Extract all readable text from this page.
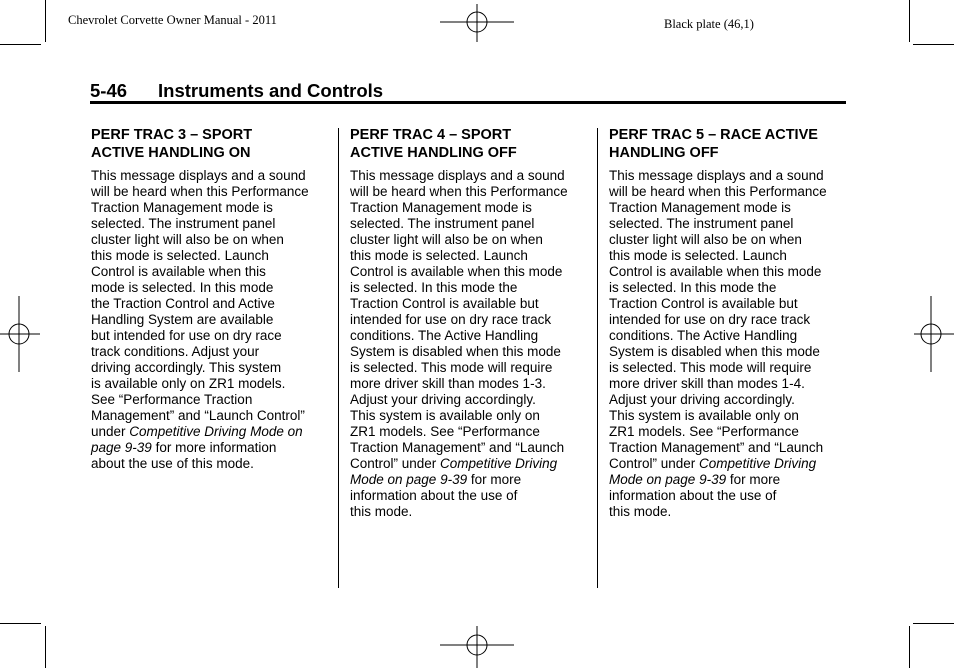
Chevrolet Corvette Owner Manual - 2011	Black plate (46,1)
5-46 Instruments and Controls
PERF TRAC 3 – SPORT
ACTIVE HANDLING ON

This message displays and a sound
will be heard when this Performance
Traction Management mode is
selected. The instrument panel
cluster light will also be on when
this mode is selected. Launch
Control is available when this
mode is selected. In this mode
the Traction Control and Active
Handling System are available
but intended for use on dry race
track conditions. Adjust your
driving accordingly. This system
is available only on ZR1 models.
See “Performance Traction
Management” and “Launch Control”
under Competitive Driving Mode on
page 9-39 for more information
about the use of this mode.

PERF TRAC 4 – SPORT
ACTIVE HANDLING OFF

This message displays and a sound
will be heard when this Performance
Traction Management mode is
selected. The instrument panel
cluster light will also be on when
this mode is selected. Launch
Control is available when this mode
is selected. In this mode the
Traction Control is available but
intended for use on dry race track
conditions. The Active Handling
System is disabled when this mode
is selected. This mode will require
more driver skill than modes 1-3.
Adjust your driving accordingly.
This system is available only on
ZR1 models. See “Performance
Traction Management” and “Launch
Control” under Competitive Driving
Mode on page 9-39 for more
information about the use of
this mode.

PERF TRAC 5 – RACE ACTIVE
HANDLING OFF

This message displays and a sound
will be heard when this Performance
Traction Management mode is
selected. The instrument panel
cluster light will also be on when
this mode is selected. Launch
Control is available when this mode
is selected. In this mode the
Traction Control is available but
intended for use on dry race track
conditions. The Active Handling
System is disabled when this mode
is selected. This mode will require
more driver skill than modes 1-4.
Adjust your driving accordingly.
This system is available only on
ZR1 models. See “Performance
Traction Management” and “Launch
Control” under Competitive Driving
Mode on page 9-39 for more
information about the use of
this mode.
